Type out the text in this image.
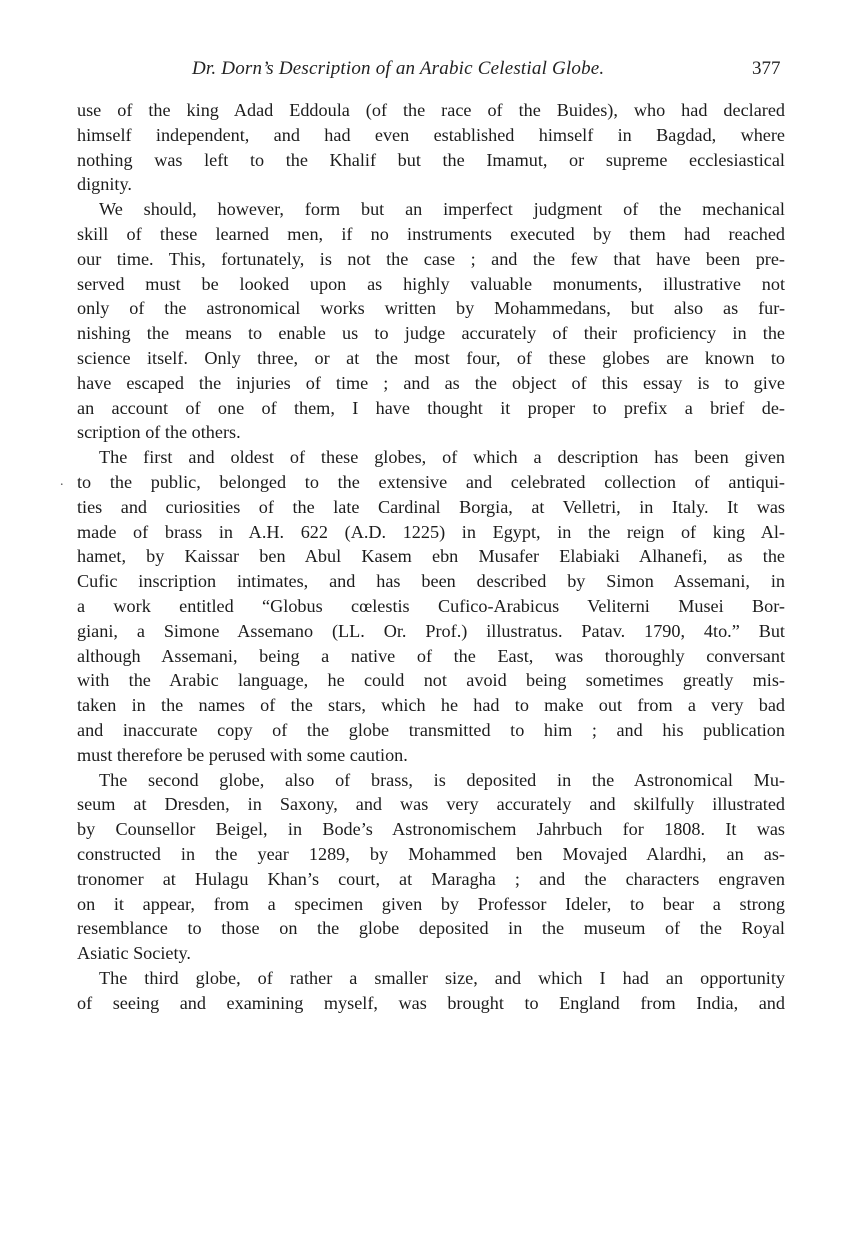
Dr. Dorn’s Description of an Arabic Celestial Globe.	377
.
use of the king Adad Eddoula (of the race of the Buides), who had declared
himself independent, and had even established himself in Bagdad, where
nothing was left to the Khalif but the Imamut, or supreme ecclesiastical
dignity.
We should, however, form but an imperfect judgment of the mechanical
skill of these learned men, if no instruments executed by them had reached
our time. This, fortunately, is not the case ; and the few that have been pre-
served must be looked upon as highly valuable monuments, illustrative not
only of the astronomical works written by Mohammedans, but also as fur-
nishing the means to enable us to judge accurately of their proficiency in the
science itself. Only three, or at the most four, of these globes are known to
have escaped the injuries of time ; and as the object of this essay is to give
an account of one of them, I have thought it proper to prefix a brief de-
scription of the others.
The first and oldest of these globes, of which a description has been given
to the public, belonged to the extensive and celebrated collection of antiqui-
ties and curiosities of the late Cardinal Borgia, at Velletri, in Italy. It was
made of brass in A.H. 622 (A.D. 1225) in Egypt, in the reign of king Al-
hamet, by Kaissar ben Abul Kasem ebn Musafer Elabiaki Alhanefi, as the
Cufic inscription intimates, and has been described by Simon Assemani, in
a work entitled “Globus cœlestis Cufico-Arabicus Veliterni Musei Bor-
giani, a Simone Assemano (LL. Or. Prof.) illustratus. Patav. 1790, 4to.” But
although Assemani, being a native of the East, was thoroughly conversant
with the Arabic language, he could not avoid being sometimes greatly mis-
taken in the names of the stars, which he had to make out from a very bad
and inaccurate copy of the globe transmitted to him ; and his publication
must therefore be perused with some caution.
The second globe, also of brass, is deposited in the Astronomical Mu-
seum at Dresden, in Saxony, and was very accurately and skilfully illustrated
by Counsellor Beigel, in Bode’s Astronomischem Jahrbuch for 1808. It was
constructed in the year 1289, by Mohammed ben Movajed Alardhi, an as-
tronomer at Hulagu Khan’s court, at Maragha ; and the characters engraven
on it appear, from a specimen given by Professor Ideler, to bear a strong
resemblance to those on the globe deposited in the museum of the Royal
Asiatic Society.
The third globe, of rather a smaller size, and which I had an opportunity
of seeing and examining myself, was brought to England from India, and
